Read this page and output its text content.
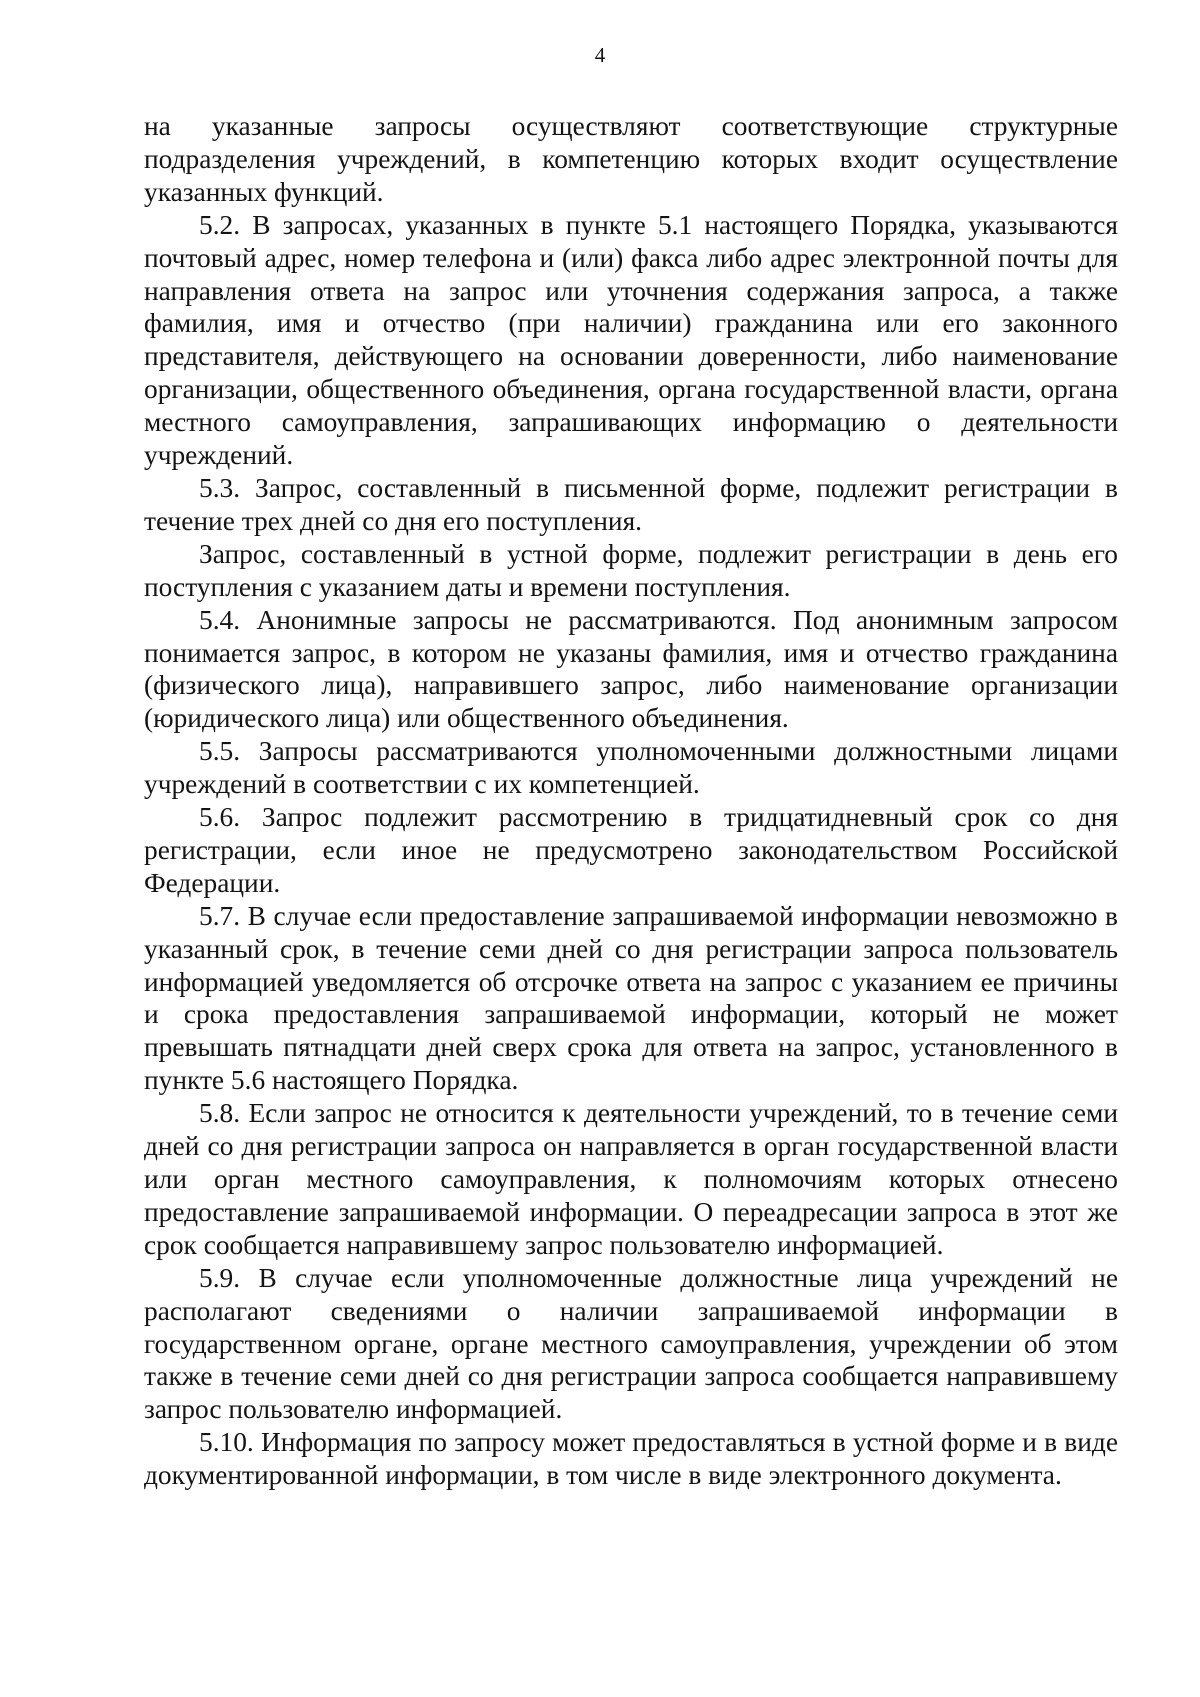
4

на указанные запросы осуществляют соответствующие структурные подразделения учреждений, в компетенцию которых входит осуществление указанных функций.

5.2. В запросах, указанных в пункте 5.1 настоящего Порядка, указываются почтовый адрес, номер телефона и (или) факса либо адрес электронной почты для направления ответа на запрос или уточнения содержания запроса, а также фамилия, имя и отчество (при наличии) гражданина или его законного представителя, действующего на основании доверенности, либо наименование организации, общественного объединения, органа государственной власти, органа местного самоуправления, запрашивающих информацию о деятельности учреждений.

5.3. Запрос, составленный в письменной форме, подлежит регистрации в течение трех дней со дня его поступления.

Запрос, составленный в устной форме, подлежит регистрации в день его поступления с указанием даты и времени поступления.

5.4. Анонимные запросы не рассматриваются. Под анонимным запросом понимается запрос, в котором не указаны фамилия, имя и отчество гражданина (физического лица), направившего запрос, либо наименование организации (юридического лица) или общественного объединения.

5.5. Запросы рассматриваются уполномоченными должностными лицами учреждений в соответствии с их компетенцией.

5.6. Запрос подлежит рассмотрению в тридцатидневный срок со дня регистрации, если иное не предусмотрено законодательством Российской Федерации.

5.7. В случае если предоставление запрашиваемой информации невозможно в указанный срок, в течение семи дней со дня регистрации запроса пользователь информацией уведомляется об отсрочке ответа на запрос с указанием ее причины и срока предоставления запрашиваемой информации, который не может превышать пятнадцати дней сверх срока для ответа на запрос, установленного в пункте 5.6 настоящего Порядка.

5.8. Если запрос не относится к деятельности учреждений, то в течение семи дней со дня регистрации запроса он направляется в орган государственной власти или орган местного самоуправления, к полномочиям которых отнесено предоставление запрашиваемой информации. О переадресации запроса в этот же срок сообщается направившему запрос пользователю информацией.

5.9. В случае если уполномоченные должностные лица учреждений не располагают сведениями о наличии запрашиваемой информации в государственном органе, органе местного самоуправления, учреждении об этом также в течение семи дней со дня регистрации запроса сообщается направившему запрос пользователю информацией.

5.10. Информация по запросу может предоставляться в устной форме и в виде документированной информации, в том числе в виде электронного документа.
